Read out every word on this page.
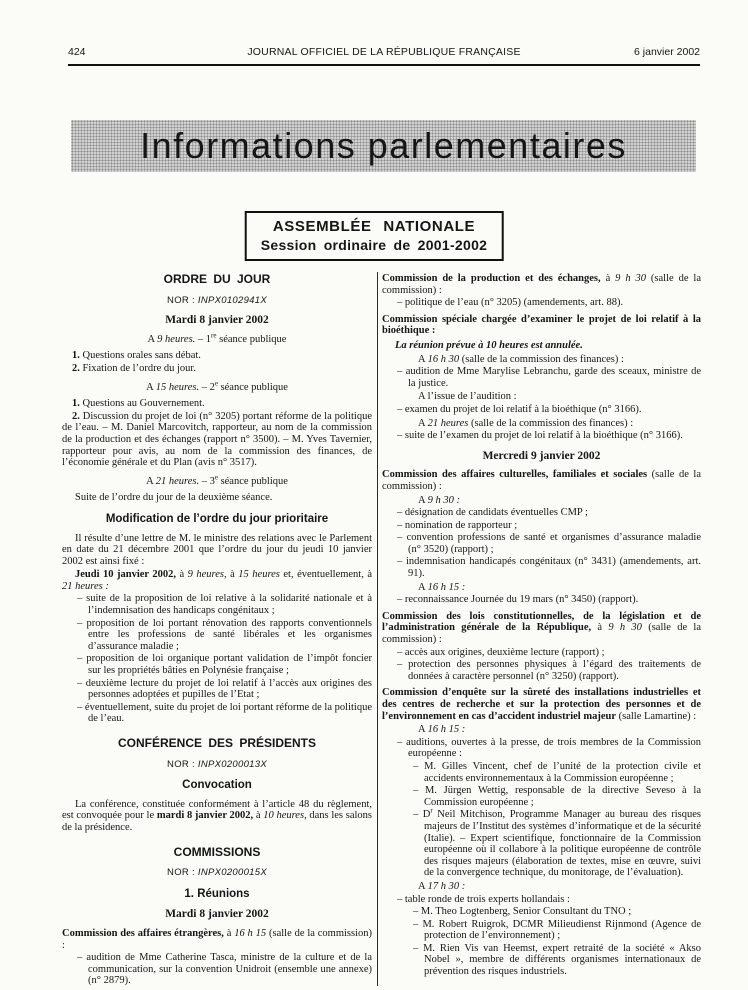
424	JOURNAL OFFICIEL DE LA RÉPUBLIQUE FRANÇAISE	6 janvier 2002
Informations parlementaires
ASSEMBLÉE NATIONALE
Session ordinaire de 2001-2002
ORDRE DU JOUR
NOR : INPX0102941X
Mardi 8 janvier 2002
A 9 heures. – 1re séance publique

1. Questions orales sans débat.

2. Fixation de l’ordre du jour.

A 15 heures. – 2e séance publique

1. Questions au Gouvernement.

2. Discussion du projet de loi (n° 3205) portant réforme de la politique de l’eau. – M. Daniel Marcovitch, rapporteur, au nom de la commission de la production et des échanges (rapport n° 3500). – M. Yves Tavernier, rapporteur pour avis, au nom de la commission des finances, de l’économie générale et du Plan (avis n° 3517).

A 21 heures. – 3e séance publique

Suite de l’ordre du jour de la deuxième séance.

Modification de l’ordre du jour prioritaire

Il résulte d’une lettre de M. le ministre des relations avec le Parlement en date du 21 décembre 2001 que l’ordre du jour du jeudi 10 janvier 2002 est ainsi fixé :

Jeudi 10 janvier 2002, à 9 heures, à 15 heures et, éventuellement, à 21 heures :

– suite de la proposition de loi relative à la solidarité nationale et à l’indemnisation des handicaps congénitaux ;
– proposition de loi portant rénovation des rapports conventionnels entre les professions de santé libérales et les organismes d’assurance maladie ;
– proposition de loi organique portant validation de l’impôt foncier sur les propriétés bâties en Polynésie française ;
– deuxième lecture du projet de loi relatif à l’accès aux origines des personnes adoptées et pupilles de l’Etat ;
– éventuellement, suite du projet de loi portant réforme de la politique de l’eau.
CONFÉRENCE DES PRÉSIDENTS
NOR : INPX0200013X
Convocation

La conférence, constituée conformément à l’article 48 du règlement, est convoquée pour le mardi 8 janvier 2002, à 10 heures, dans les salons de la présidence.

COMMISSIONS
NOR : INPX0200015X
1. Réunions
Mardi 8 janvier 2002

Commission des affaires étrangères, à 16 h 15 (salle de la commission) :

– audition de Mme Catherine Tasca, ministre de la culture et de la communication, sur la convention Unidroit (ensemble une annexe) (n° 2879).

Commission de la production et des échanges, à 9 h 30 (salle de la commission) :

– politique de l’eau (n° 3205) (amendements, art. 88).

Commission spéciale chargée d’examiner le projet de loi relatif à la bioéthique :

La réunion prévue à 10 heures est annulée.

A 16 h 30 (salle de la commission des finances) :
– audition de Mme Marylise Lebranchu, garde des sceaux, ministre de la justice.
A l’issue de l’audition :
– examen du projet de loi relatif à la bioéthique (n° 3166).
A 21 heures (salle de la commission des finances) :
– suite de l’examen du projet de loi relatif à la bioéthique (n° 3166).
Mercredi 9 janvier 2002

Commission des affaires culturelles, familiales et sociales (salle de la commission) :

A 9 h 30 :
– désignation de candidats éventuelles CMP ;
– nomination de rapporteur ;
– convention professions de santé et organismes d’assurance maladie (n° 3520) (rapport) ;
– indemnisation handicapés congénitaux (n° 3431) (amendements, art. 91).
A 16 h 15 :
– reconnaissance Journée du 19 mars (n° 3450) (rapport).

Commission des lois constitutionnelles, de la législation et de l’administration générale de la République, à 9 h 30 (salle de la commission) :

– accès aux origines, deuxième lecture (rapport) ;
– protection des personnes physiques à l’égard des traitements de données à caractère personnel (n° 3250) (rapport).

Commission d’enquête sur la sûreté des installations industrielles et des centres de recherche et sur la protection des personnes et de l’environnement en cas d’accident industriel majeur (salle Lamartine) :

A 16 h 15 :
– auditions, ouvertes à la presse, de trois membres de la Commission européenne :
– M. Gilles Vincent, chef de l’unité de la protection civile et accidents environnementaux à la Commission européenne ;
– M. Jürgen Wettig, responsable de la directive Seveso à la Commission européenne ;
– $D^r$ Neil Mitchison, Programme Manager au bureau des risques majeurs de l’Institut des systèmes d’informatique et de la sécurité (Italie). – Expert scientifique, fonctionnaire de la Commission européenne où il collabore à la politique européenne de contrôle des risques majeurs (élaboration de textes, mise en œuvre, suivi de la convergence technique, du monitorage, de l’évaluation).
A 17 h 30 :
– table ronde de trois experts hollandais :
– M. Theo Logtenberg, Senior Consultant du TNO ;
– M. Robert Ruigrok, DCMR Milieudienst Rijnmond (Agence de protection de l’environnement) ;
– M. Rien Vis van Heemst, expert retraité de la société « Akso Nobel », membre de différents organismes internationaux de prévention des risques industriels.
